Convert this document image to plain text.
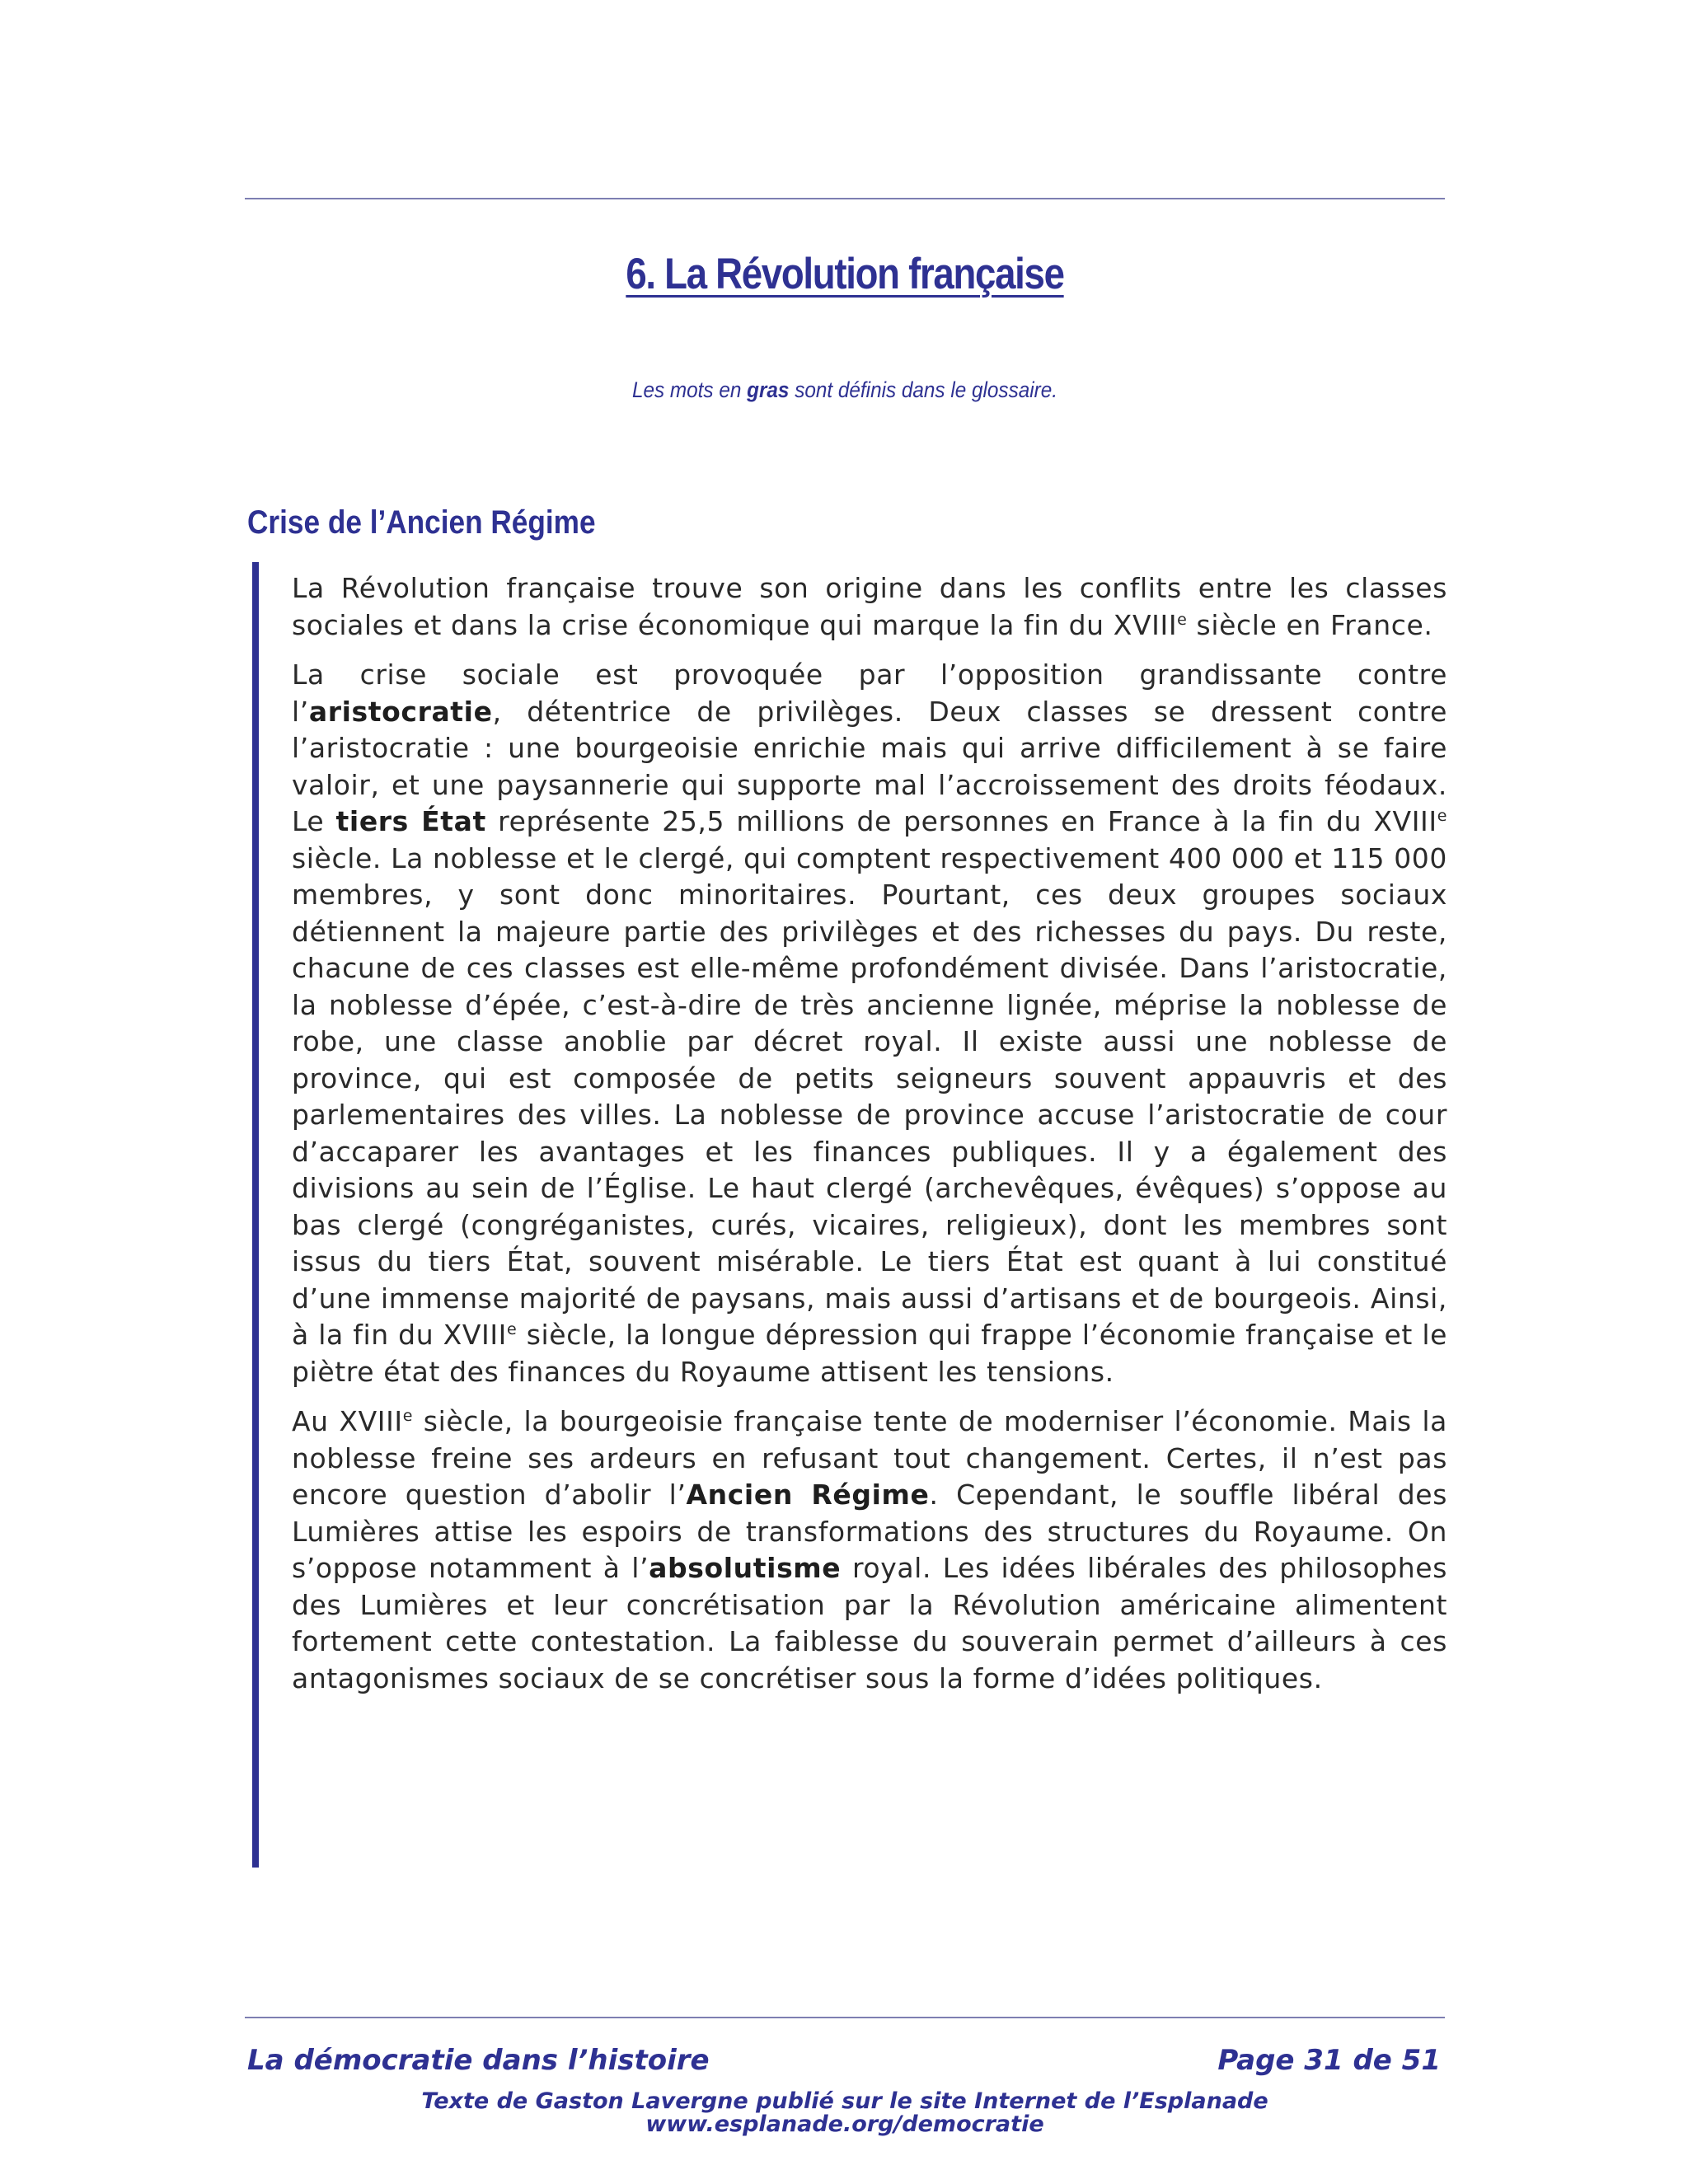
6. La Révolution française
Les mots en gras sont définis dans le glossaire.
Crise de l’Ancien Régime

La Révolution française trouve son origine dans les conflits entre les classes sociales et dans la crise économique qui marque la fin du XVIIIe siècle en France.

La crise sociale est provoquée par l’opposition grandissante contre l’aristocratie, détentrice de privilèges. Deux classes se dressent contre l’aristocratie : une bourgeoisie enrichie mais qui arrive difficilement à se faire valoir, et une paysannerie qui supporte mal l’accroissement des droits féodaux. Le tiers État représente 25,5 millions de personnes en France à la fin du XVIIIe siècle. La noblesse et le clergé, qui comptent respectivement 400 000 et 115 000 membres, y sont donc minoritaires. Pourtant, ces deux groupes sociaux détiennent la majeure partie des privilèges et des richesses du pays. Du reste, chacune de ces classes est elle-même profondément divisée. Dans l’aristocratie, la noblesse d’épée, c’est-à-dire de très ancienne lignée, méprise la noblesse de robe, une classe anoblie par décret royal. Il existe aussi une noblesse de province, qui est composée de petits seigneurs souvent appauvris et des parlementaires des villes. La noblesse de province accuse l’aristocratie de cour d’accaparer les avantages et les finances publiques. Il y a également des divisions au sein de l’Église. Le haut clergé (archevêques, évêques) s’oppose au bas clergé (congréganistes, curés, vicaires, religieux), dont les membres sont issus du tiers État, souvent misérable. Le tiers État est quant à lui constitué d’une immense majorité de paysans, mais aussi d’artisans et de bourgeois. Ainsi, à la fin du XVIIIe siècle, la longue dépression qui frappe l’économie française et le piètre état des finances du Royaume attisent les tensions.

Au XVIIIe siècle, la bourgeoisie française tente de moderniser l’économie. Mais la noblesse freine ses ardeurs en refusant tout changement. Certes, il n’est pas encore question d’abolir l’Ancien Régime. Cependant, le souffle libéral des Lumières attise les espoirs de transformations des structures du Royaume. On s’oppose notamment à l’absolutisme royal. Les idées libérales des philosophes des Lumières et leur concrétisation par la Révolution américaine alimentent fortement cette contestation. La faiblesse du souverain permet d’ailleurs à ces antagonismes sociaux de se concrétiser sous la forme d’idées politiques.

La démocratie dans l’histoire	Page 31 de 51
Texte de Gaston Lavergne publié sur le site Internet de l’Esplanade
www.esplanade.org/democratie
